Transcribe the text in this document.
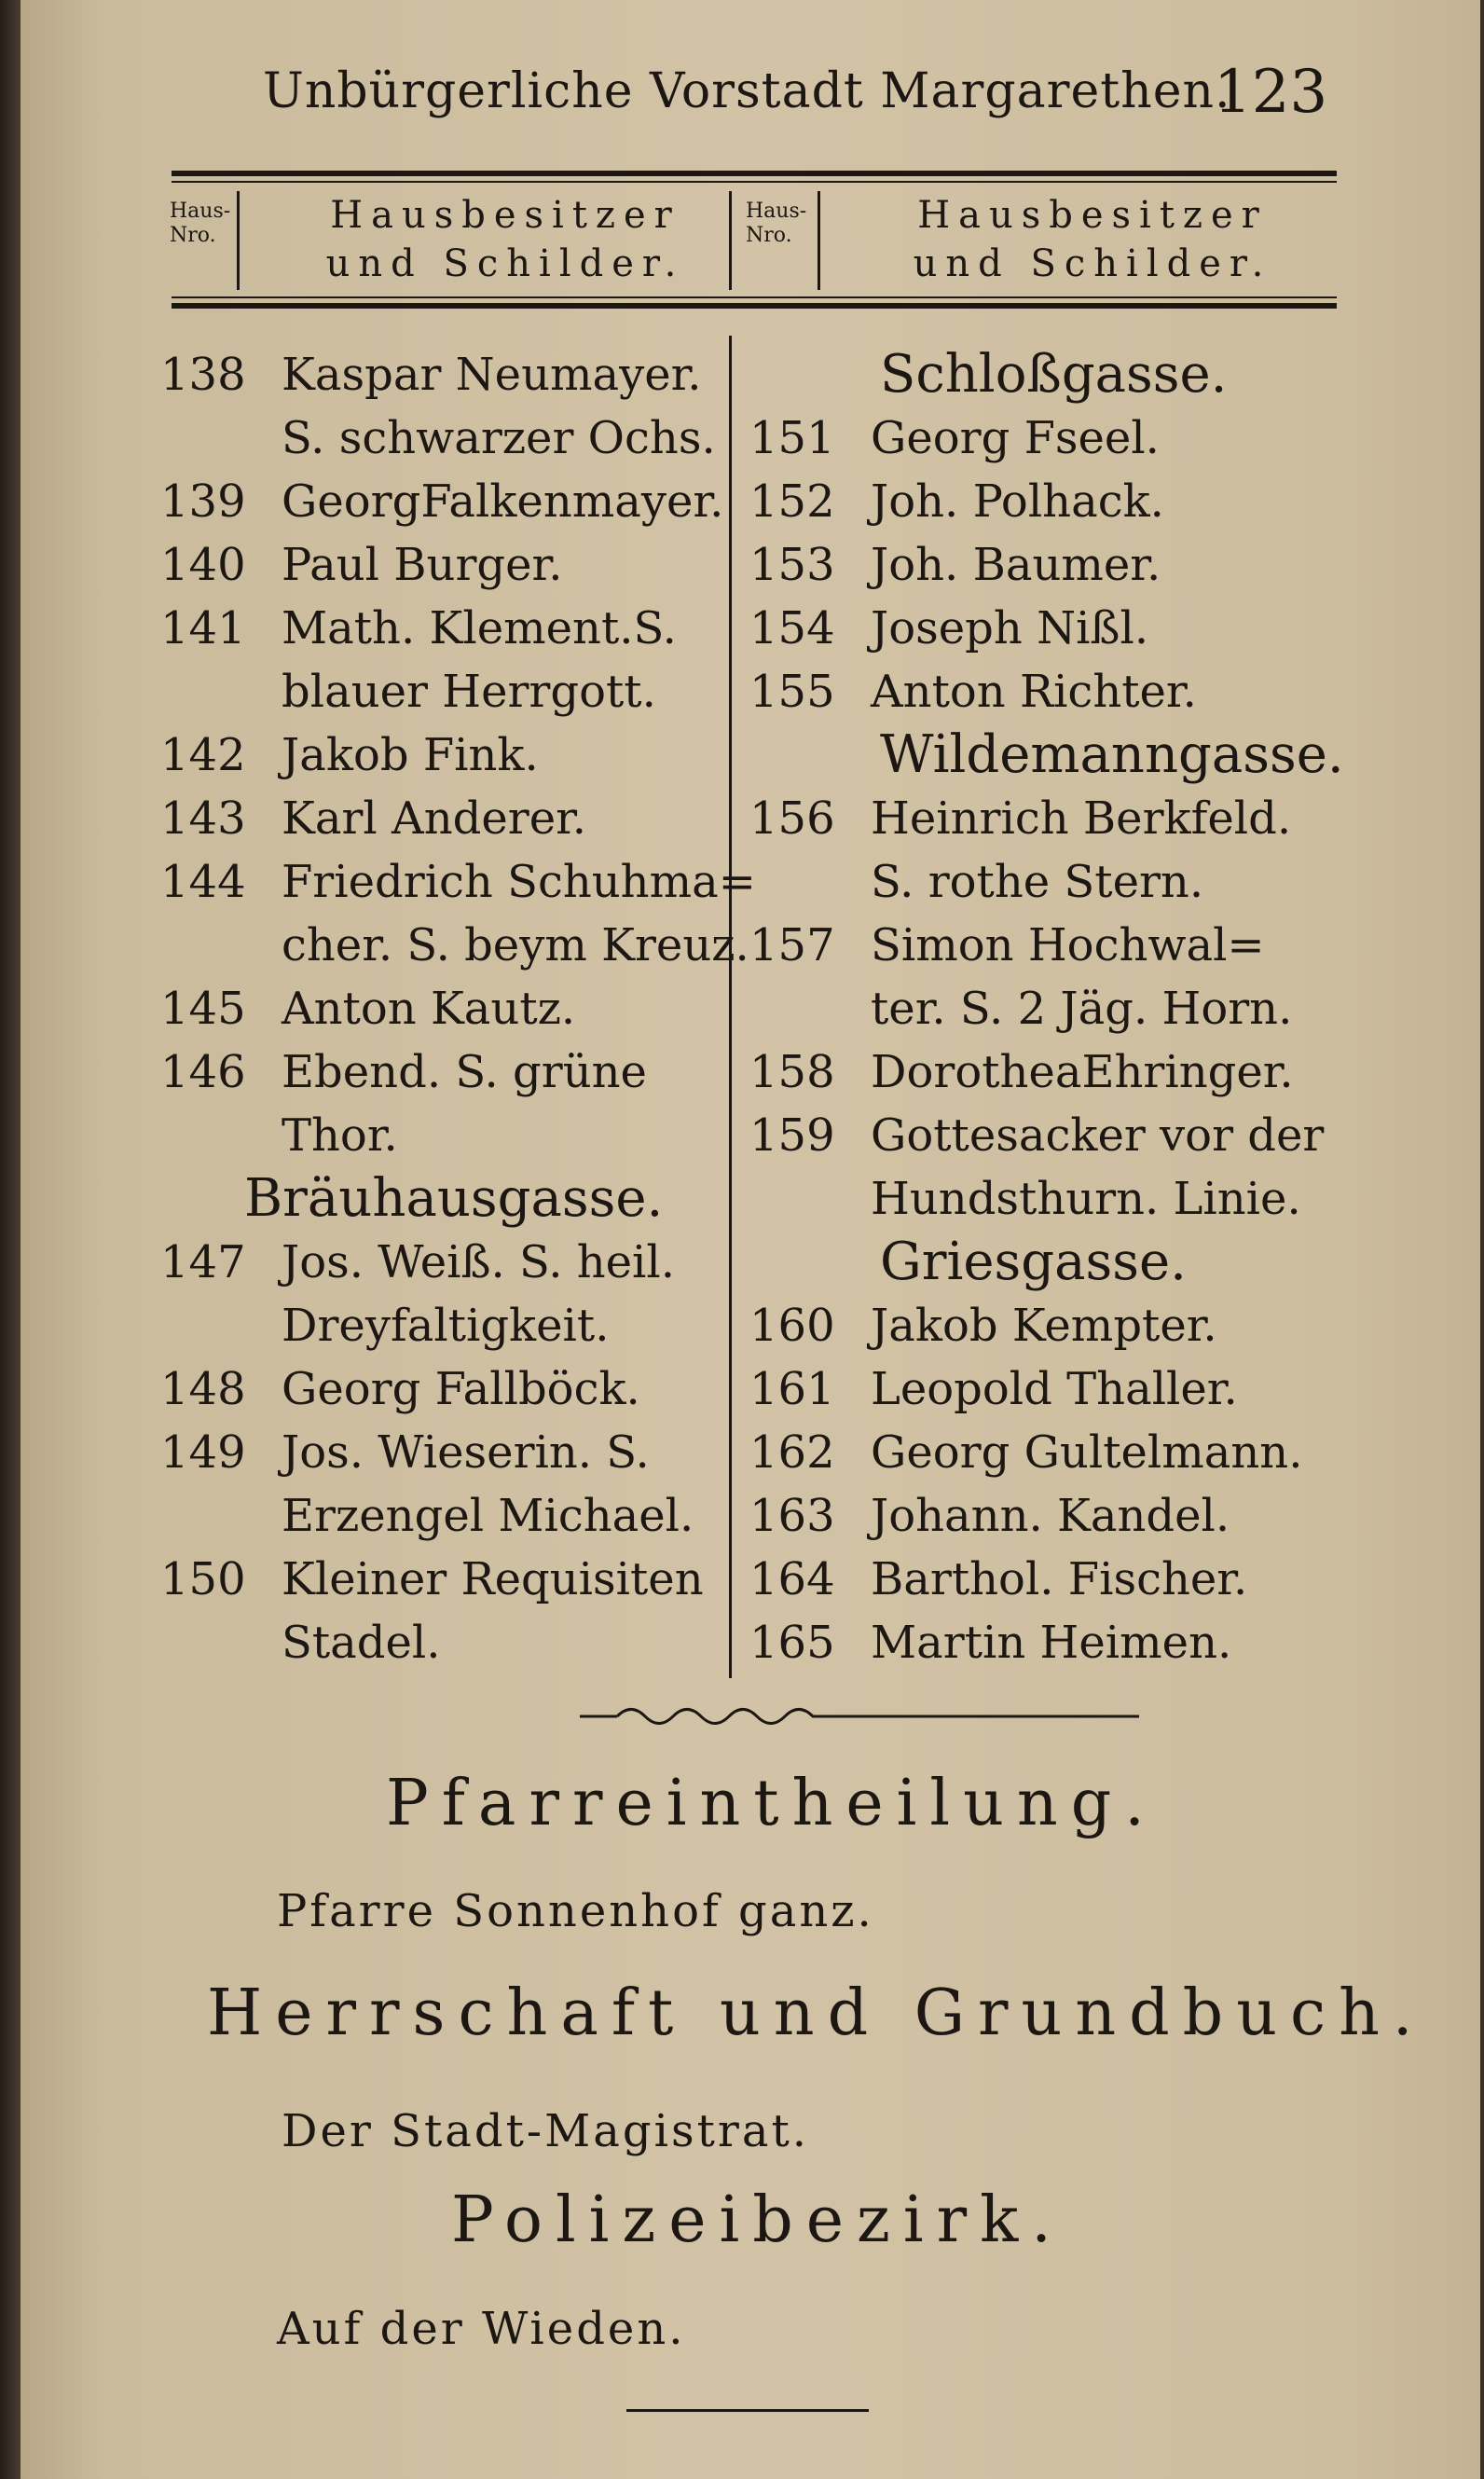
Unbürgerliche Vorstadt Margarethen.
123
Haus- Nro.	Hausbesitzer
und Schilder.
Haus- Nro.	Hausbesitzer
und Schilder.
138 Kaspar Neumayer.
S. schwarzer Ochs.
139 GeorgFalkenmayer.
140 Paul Burger.
141 Math. Klement.S.
blauer Herrgott.
142 Jakob Fink.
143 Karl Anderer.
144 Friedrich Schuhma=
cher. S. beym Kreuz.
145 Anton Kautz.
146 Ebend. S. grüne
Thor.
Bräuhausgasse.
147 Jos. Weiß. S. heil.
Dreyfaltigkeit.
148 Georg Fallböck.
149 Jos. Wieserin. S.
Erzengel Michael.
150 Kleiner Requisiten
Stadel.
Schloßgasse.
151 Georg Fseel.
152 Joh. Polhack.
153 Joh. Baumer.
154 Joseph Nißl.
155 Anton Richter.
Wildemanngasse.
156 Heinrich Berkfeld.
S. rothe Stern.
157 Simon Hochwal=
ter. S. 2 Jäg. Horn.
158 DorotheaEhringer.
159 Gottesacker vor der
Hundsthurn. Linie.
Griesgasse.
160 Jakob Kempter.
161 Leopold Thaller.
162 Georg Gultelmann.
163 Johann. Kandel.
164 Barthol. Fischer.
165 Martin Heimen.
Pfarreintheilung.
Pfarre Sonnenhof ganz.
Herrschaft und Grundbuch.
Der Stadt-Magistrat.
Polizeibezirk.
Auf der Wieden.
